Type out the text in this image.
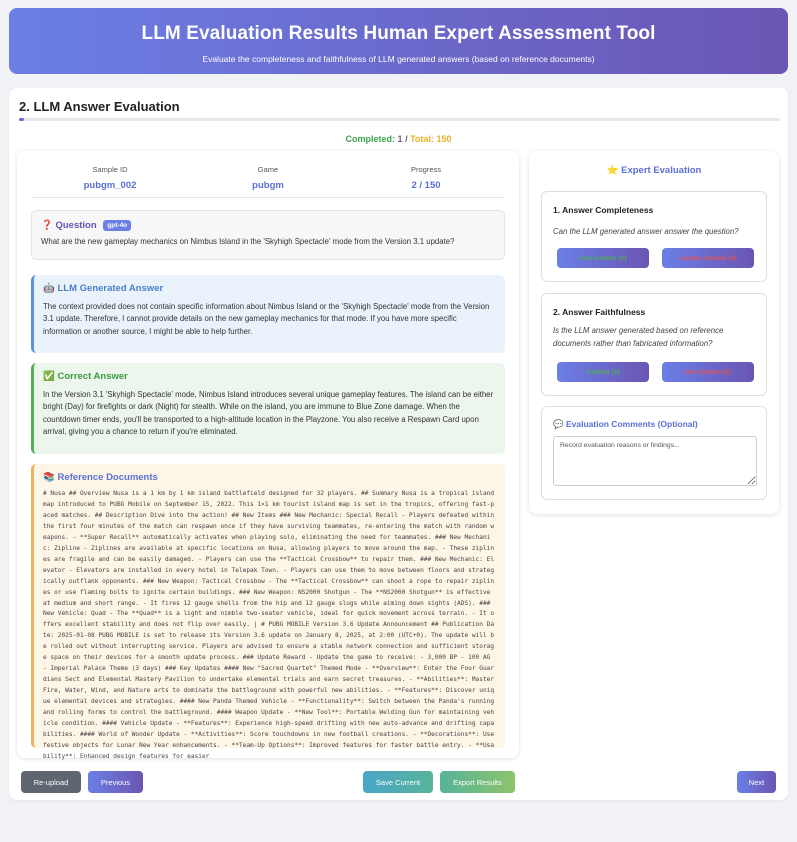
LLM Evaluation Results Human Expert Assessment Tool

Evaluate the completeness and faithfulness of LLM generated answers (based on reference documents)

2. LLM Answer Evaluation
Completed: 1 / Total: 150
Sample ID
pubgm_002
Game
pubgm
Progress
2 / 150
❓ Question gpt-4o
What are the new gameplay mechanics on Nimbus Island in the 'Skyhigh Spectacle' mode from the Version 3.1 update?
🤖 LLM Generated Answer
The context provided does not contain specific information about Nimbus Island or the 'Skyhigh Spectacle' mode from the Version 3.1 update. Therefore, I cannot provide details on the new gameplay mechanics for that mode. If you have more specific information or another source, I might be able to help further.
✅ Correct Answer
In the Version 3.1 'Skyhigh Spectacle' mode, Nimbus Island introduces several unique gameplay features. The island can be either bright (Day) for firefights or dark (Night) for stealth. While on the island, you are immune to Blue Zone damage. When the countdown timer ends, you'll be transported to a high-altitude location in the Playzone. You also receive a Respawn Card upon arrival, giving you a chance to return if you're eliminated.
📚 Reference Documents
# Nusa ## Overview Nusa is a 1 km by 1 km island battlefield designed for 32 players. ## Summary Nusa is a tropical island map introduced to PUBG Mobile on September 15, 2022. This 1×1 km tourist island map is set in the tropics, offering fast-paced matches. ## Description Dive into the action! ## New Items ### New Mechanic: Special Recall - Players defeated within the first four minutes of the match can respawn once if they have surviving teammates, re-entering the match with random weapons. - **Super Recall** automatically activates when playing solo, eliminating the need for teammates. ### New Mechanic: Zipline - Ziplines are available at specific locations on Nusa, allowing players to move around the map. - These ziplines are fragile and can be easily damaged. - Players can use the **Tactical Crossbow** to repair them. ### New Mechanic: Elevator - Elevators are installed in every hotel in Telepak Town. - Players can use them to move between floors and strategically outflank opponents. ### New Weapon: Tactical Crossbow - The **Tactical Crossbow** can shoot a rope to repair ziplines or use flaming bolts to ignite certain buildings. ### New Weapon: NS2000 Shotgun - The **NS2000 Shotgun** is effective at medium and short range. - It fires 12 gauge shells from the hip and 12 gauge slugs while aiming down sights (ADS). ### New Vehicle: Quad - The **Quad** is a light and nimble two-seater vehicle, ideal for quick movement across terrain. - It offers excellent stability and does not flip over easily. | # PUBG MOBILE Version 3.6 Update Announcement ## Publication Date: 2025-01-08 PUBG MOBILE is set to release its Version 3.6 update on January 8, 2025, at 2:00 (UTC+0). The update will be rolled out without interrupting service. Players are advised to ensure a stable network connection and sufficient storage space on their devices for a smooth update process. ### Update Reward - Update the game to receive: - 3,000 BP - 100 AG - Imperial Palace Theme (3 days) ### Key Updates #### New "Sacred Quartet" Themed Mode - **Overview**: Enter the Four Guardians Sect and Elemental Mastery Pavilion to undertake elemental trials and earn secret treasures. - **Abilities**: Master Fire, Water, Wind, and Nature arts to dominate the battleground with powerful new abilities. - **Features**: Discover unique elemental devices and strategies. #### New Panda Themed Vehicle - **Functionality**: Switch between the Panda's running and rolling forms to control the battleground. #### Weapon Update - **New Tool**: Portable Welding Gun for maintaining vehicle condition. #### Vehicle Update - **Features**: Experience high-speed drifting with new auto-advance and drifting capabilities. #### World of Wonder Update - **Activities**: Score touchdowns in new football creations. - **Decorations**: Use festive objects for Lunar New Year enhancements. - **Team-Up Options**: Improved features for faster battle entry. - **Usability**: Enhanced design features for easier
⭐ Expert Evaluation
1. Answer Completeness
Can the LLM generated answer answer the question?
Can Answer (1)	Cannot Answer (0)
2. Answer Faithfulness
Is the LLM answer generated based on reference documents rather than fabricated information?
Faithful (1)	Not Faithful (0)
💬 Evaluation Comments (Optional)
Record evaluation reasons or findings...
Re-upload	Previous	Save Current	Export Results	Next
